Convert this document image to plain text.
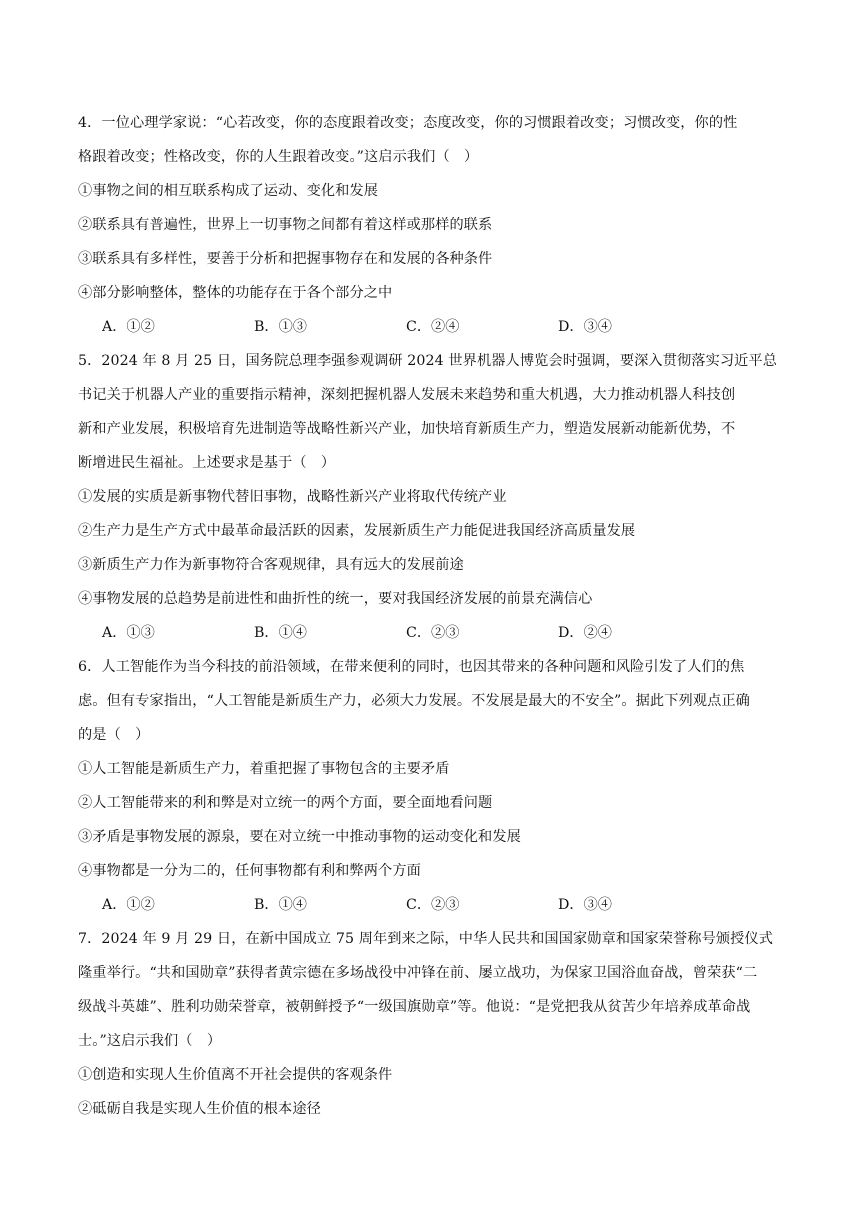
4．一位心理学家说：“心若改变，你的态度跟着改变；态度改变，你的习惯跟着改变；习惯改变，你的性
格跟着改变；性格改变，你的人生跟着改变。”这启示我们（　）
①事物之间的相互联系构成了运动、变化和发展
②联系具有普遍性，世界上一切事物之间都有着这样或那样的联系
③联系具有多样性，要善于分析和把握事物存在和发展的各种条件
④部分影响整体，整体的功能存在于各个部分之中
A．①②	B．①③	C．②④	D．③④
5．2024 年 8 月 25 日，国务院总理李强参观调研 2024 世界机器人博览会时强调，要深入贯彻落实习近平总
书记关于机器人产业的重要指示精神，深刻把握机器人发展未来趋势和重大机遇，大力推动机器人科技创
新和产业发展，积极培育先进制造等战略性新兴产业，加快培育新质生产力，塑造发展新动能新优势，不
断增进民生福祉。上述要求是基于（　）
①发展的实质是新事物代替旧事物，战略性新兴产业将取代传统产业
②生产力是生产方式中最革命最活跃的因素，发展新质生产力能促进我国经济高质量发展
③新质生产力作为新事物符合客观规律，具有远大的发展前途
④事物发展的总趋势是前进性和曲折性的统一，要对我国经济发展的前景充满信心
A．①③	B．①④	C．②③	D．②④
6．人工智能作为当今科技的前沿领域，在带来便利的同时，也因其带来的各种问题和风险引发了人们的焦
虑。但有专家指出，“人工智能是新质生产力，必须大力发展。不发展是最大的不安全”。据此下列观点正确
的是（　）
①人工智能是新质生产力，着重把握了事物包含的主要矛盾
②人工智能带来的利和弊是对立统一的两个方面，要全面地看问题
③矛盾是事物发展的源泉，要在对立统一中推动事物的运动变化和发展
④事物都是一分为二的，任何事物都有利和弊两个方面
A．①②	B．①④	C．②③	D．③④
7．2024 年 9 月 29 日，在新中国成立 75 周年到来之际，中华人民共和国国家勋章和国家荣誉称号颁授仪式
隆重举行。“共和国勋章”获得者黄宗德在多场战役中冲锋在前、屡立战功，为保家卫国浴血奋战，曾荣获“二
级战斗英雄”、胜利功勋荣誉章，被朝鲜授予“一级国旗勋章”等。他说：“是党把我从贫苦少年培养成革命战
士。”这启示我们（　）
①创造和实现人生价值离不开社会提供的客观条件
②砥砺自我是实现人生价值的根本途径
